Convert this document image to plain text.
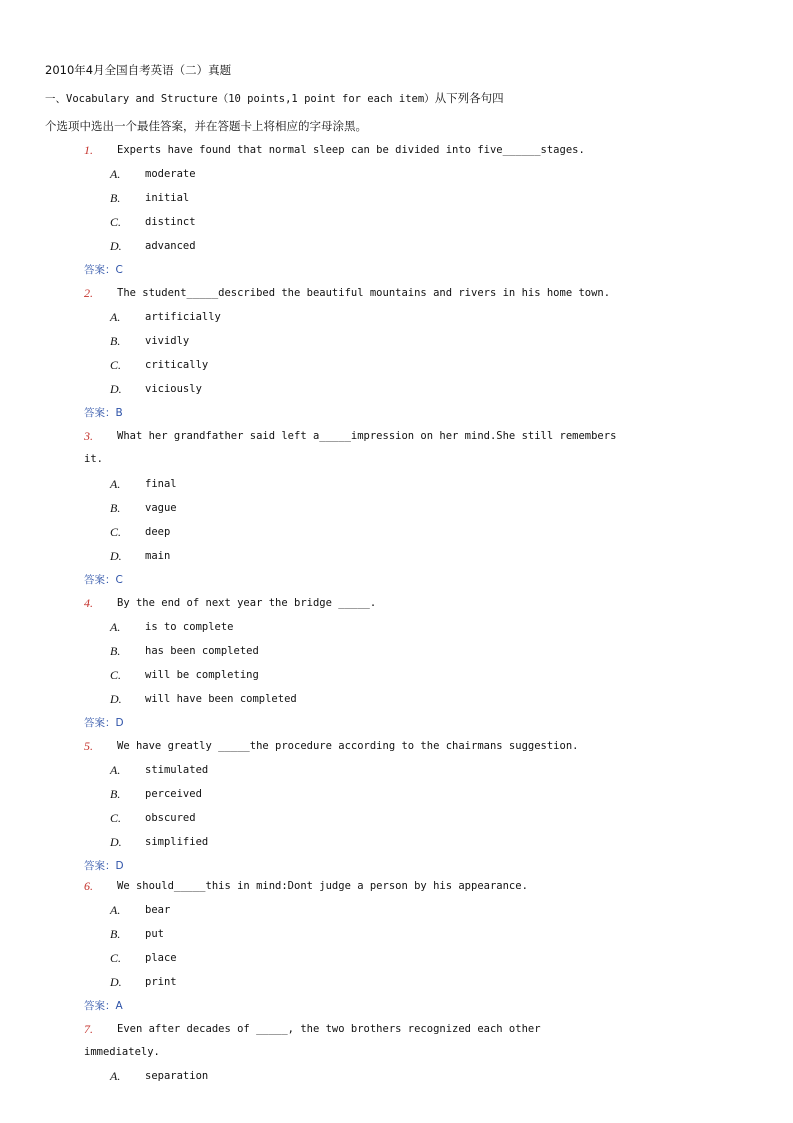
2010年4月全国自考英语（二）真题
一、Vocabulary and Structure（10 points,1 point for each item）从下列各句四
个选项中选出一个最佳答案，并在答题卡上将相应的字母涂黑。
1. Experts have found that normal sleep can be divided into five______stages.
A. moderate
B. initial
C. distinct
D. advanced
答案：C
2. The student_____described the beautiful mountains and rivers in his home town.
A. artificially
B. vividly
C. critically
D. viciously
答案：B
3. What her grandfather said left a_____impression on her mind.She still remembers
it.
A. final
B. vague
C. deep
D. main
答案：C
4. By the end of next year the bridge _____.
A. is to complete
B. has been completed
C. will be completing
D. will have been completed
答案：D
5. We have greatly _____the procedure according to the chairmans suggestion.
A. stimulated
B. perceived
C. obscured
D. simplified
答案：D
6. We should_____this in mind:Dont judge a person by his appearance.
A. bear
B. put
C. place
D. print
答案：A
7. Even after decades of _____, the two brothers recognized each other
immediately.
A. separation
